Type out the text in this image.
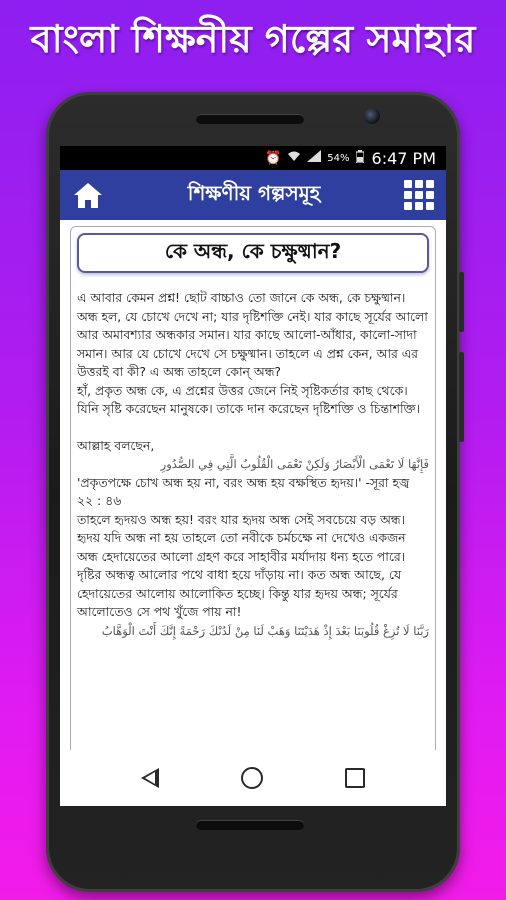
বাংলা শিক্ষনীয় গল্পের সমাহার
⏰	54% 6:47 PM
শিক্ষণীয় গল্পসমূহ
কে অন্ধ, কে চক্ষুষ্মান?

এ আবার কেমন প্রশ্ন! ছোট বাচ্চাও তো জানে কে অন্ধ, কে চক্ষুষ্মান। অন্ধ হল, যে চোখে দেখে না; যার দৃষ্টিশক্তি নেই। যার কাছে সূর্যের আলো আর অমাবশ্যার অন্ধকার সমান। যার কাছে আলো-আঁধার, কালো-সাদা সমান। আর যে চোখে দেখে সে চক্ষুষ্মান। তাহলে এ প্রশ্ন কেন, আর এর উত্তরই বা কী? এ অন্ধ তাহলে কোন্ অন্ধ?

হাঁ, প্রকৃত অন্ধ কে, এ প্রশ্নের উত্তর জেনে নিই সৃষ্টিকর্তার কাছ থেকে। যিনি সৃষ্টি করেছেন মানুষকে। তাকে দান করেছেন দৃষ্টিশক্তি ও চিন্তাশক্তি।

আল্লাহ বলছেন,

فَإِنَّهَا لَا تَعْمَى الْأَبْصَارُ وَلَكِنْ تَعْمَى الْقُلُوبُ الَّتِي فِي الصُّدُورِ

'প্রকৃতপক্ষে চোখ অন্ধ হয় না, বরং অন্ধ হয় বক্ষস্থিত হৃদয়।' -সূরা হজ্ব ২২ : ৪৬

তাহলে হৃদয়ও অন্ধ হয়! বরং যার হৃদয় অন্ধ সেই সবচেয়ে বড় অন্ধ। হৃদয় যদি অন্ধ না হয় তাহলে তো নবীকে চর্মচক্ষে না দেখেও একজন অন্ধ হেদায়েতের আলো গ্রহণ করে সাহাবীর মর্যাদায় ধন্য হতে পারে। দৃষ্টির অন্ধত্ব আলোর পথে বাধা হয়ে দাঁড়ায় না। কত অন্ধ আছে, যে হেদায়েতের আলোয় আলোকিত হচ্ছে। কিন্তু যার হৃদয় অন্ধ; সূর্যের আলোতেও সে পথ খুঁজে পায় না!

رَبَّنَا لَا تُزِغْ قُلُوبَنَا بَعْدَ إِذْ هَدَيْتَنَا وَهَبْ لَنَا مِنْ لَدُنْكَ رَحْمَةً إِنَّكَ أَنْتَ الْوَهَّابُ
